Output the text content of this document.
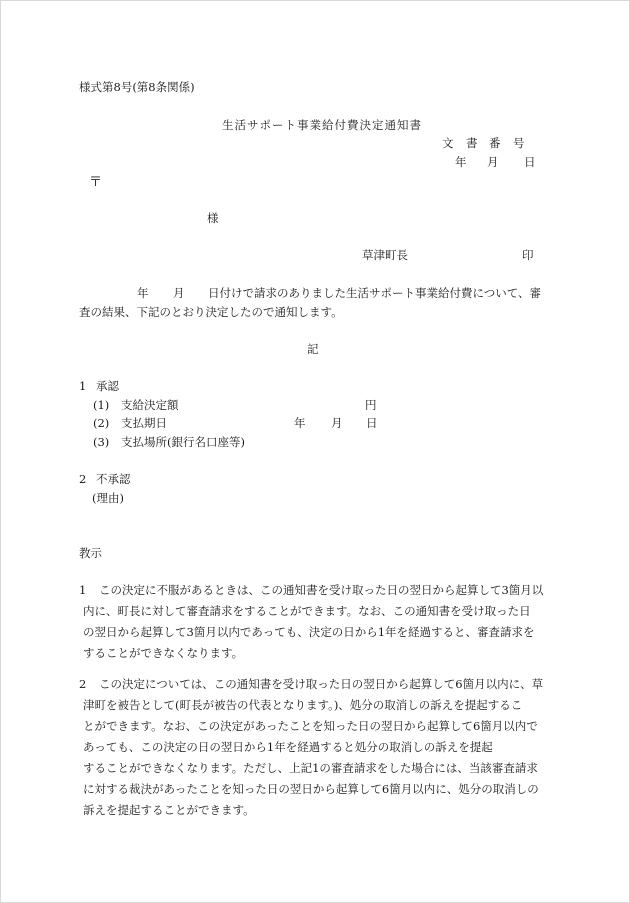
様式第8号(第8条関係)
生活サポート事業給付費決定通知書
文 書 番 号
年 月 日
〒
様
草津町長	印
年 月 日付けで請求のありました生活サポート事業給付費について、審
査の結果、下記のとおり決定したので通知します。
記
1 承認
(1) 支給決定額	円
(2) 支払期日	年 月 日
(3) 支払場所(銀行名口座等)
2 不承認
(理由)
教示

1 この決定に不服があるときは、この通知書を受け取った日の翌日から起算して3箇月以

内に、町長に対して審査請求をすることができます。なお、この通知書を受け取った日

の翌日から起算して3箇月以内であっても、決定の日から1年を経過すると、審査請求を

することができなくなります。

2 この決定については、この通知書を受け取った日の翌日から起算して6箇月以内に、草

津町を被告として(町長が被告の代表となります。)、処分の取消しの訴えを提起するこ

とができます。なお、この決定があったことを知った日の翌日から起算して6箇月以内で

あっても、この決定の日の翌日から1年を経過すると処分の取消しの訴えを提起

することができなくなります。ただし、上記1の審査請求をした場合には、当該審査請求

に対する裁決があったことを知った日の翌日から起算して6箇月以内に、処分の取消しの

訴えを提起することができます。
